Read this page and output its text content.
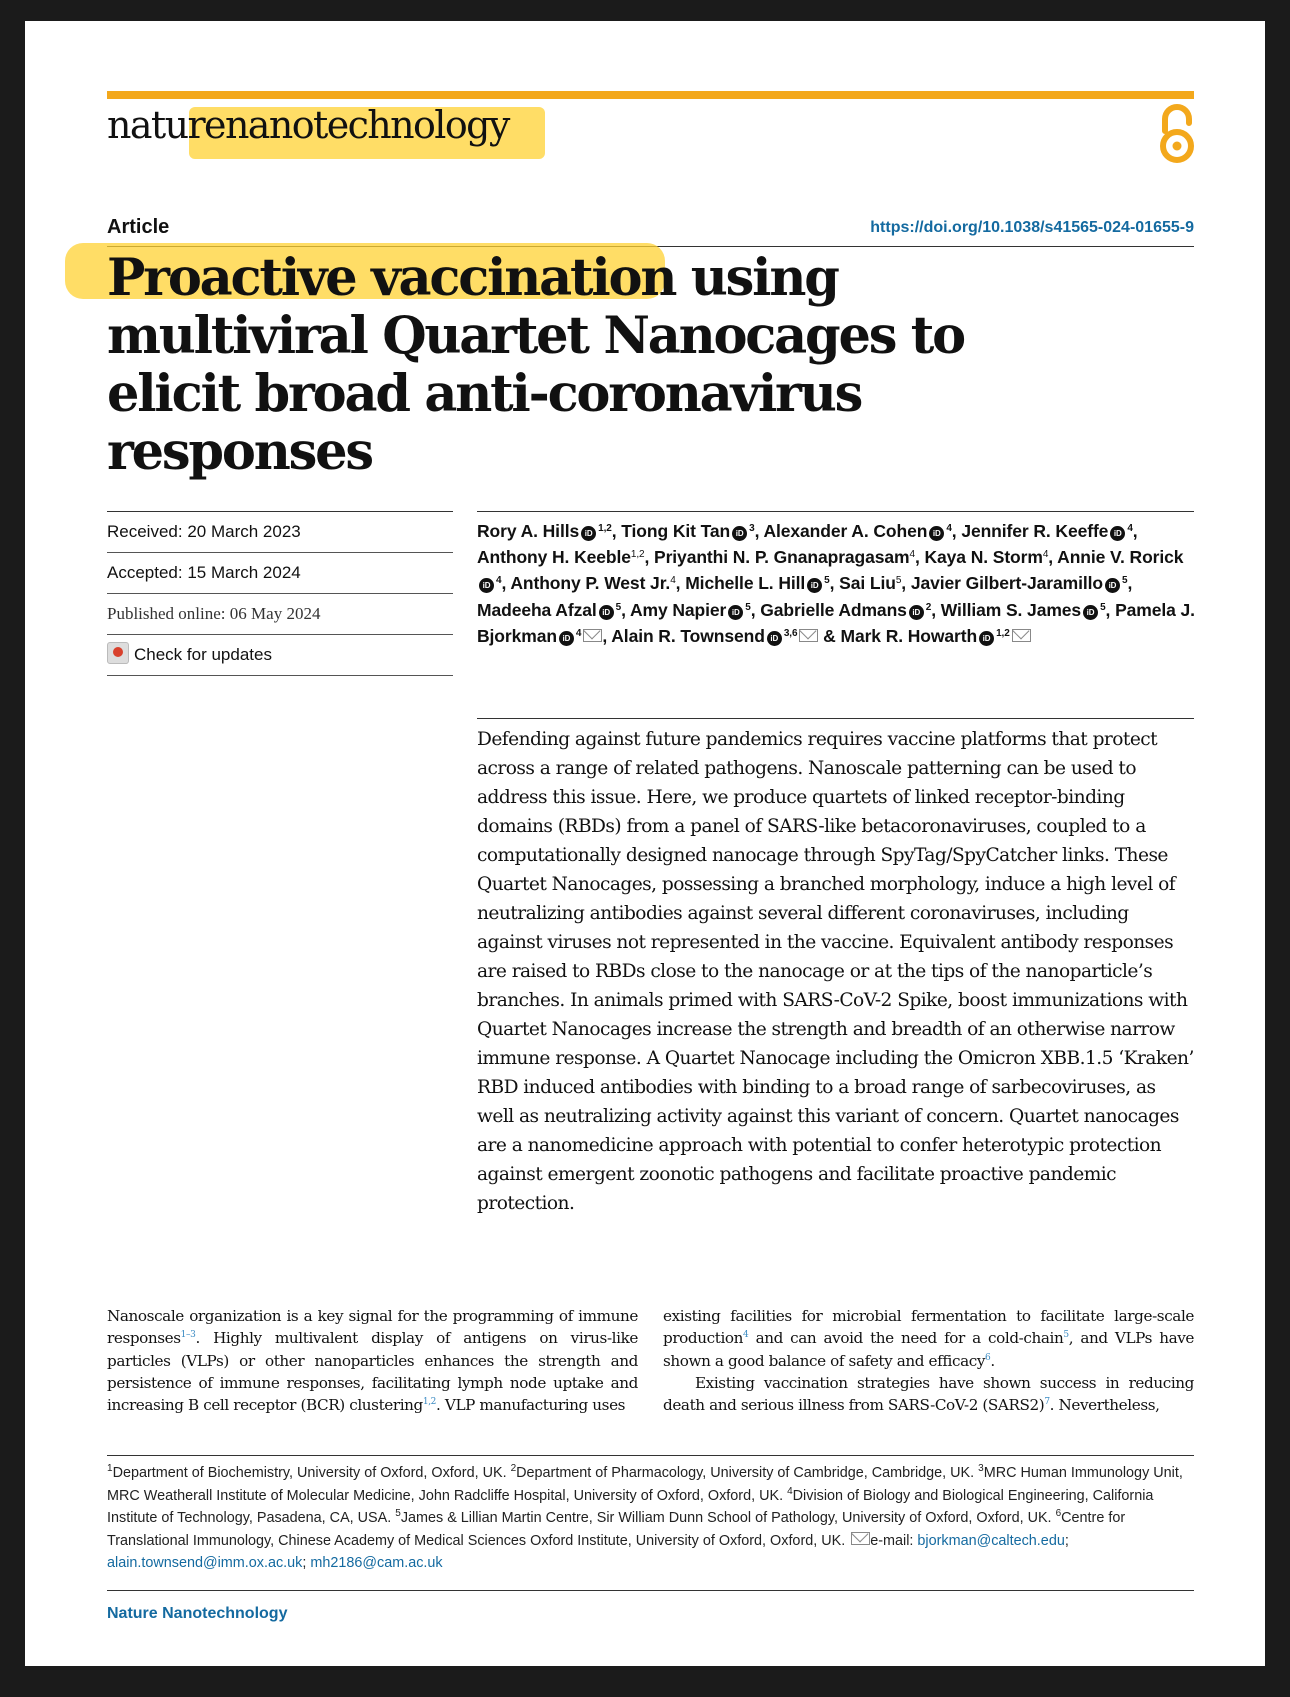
naturenanotechnology
Article	https://doi.org/10.1038/s41565-024-01655-9
Proactive vaccination using multiviral Quartet Nanocages to elicit broad anti-coronavirus responses
Received: 20 March 2023
Accepted: 15 March 2024
Published online: 06 May 2024
Check for updates
Rory A. Hills iD $^{1,2}$, Tiong Kit Tan iD $^3$, Alexander A. Cohen iD $^4$, Jennifer R. Keeffe iD $^4$, Anthony H. Keeble$^{1,2}$, Priyanthi N. P. Gnanapragasam$^4$, Kaya N. Storm$^4$, Annie V. RorickiD $^4$, Anthony P. West Jr.$^4$, Michelle L. Hill iD $^5$, Sai Liu$^5$, Javier Gilbert-Jaramillo iD $^5$, Madeeha Afzal iD $^5$, Amy Napier iD $^5$, Gabrielle Admans iD $^2$, William S. James iD $^5$, Pamela J. Bjorkman iD $^4$ , Alain R. Townsend iD $^{3,6}$ & Mark R. Howarth iD $^{1,2}$
Defending against future pandemics requires vaccine platforms that protect across a range of related pathogens. Nanoscale patterning can be used to address this issue. Here, we produce quartets of linked receptor-binding domains (RBDs) from a panel of SARS-like betacoronaviruses, coupled to a computationally designed nanocage through SpyTag/SpyCatcher links. These Quartet Nanocages, possessing a branched morphology, induce a high level of neutralizing antibodies against several different coronaviruses, including against viruses not represented in the vaccine. Equivalent antibody responses are raised to RBDs close to the nanocage or at the tips of the nanoparticle’s branches. In animals primed with SARS-CoV-2 Spike, boost immunizations with Quartet Nanocages increase the strength and breadth of an otherwise narrow immune response. A Quartet Nanocage including the Omicron XBB.1.5 ‘Kraken’ RBD induced antibodies with binding to a broad range of sarbecoviruses, as well as neutralizing activity against this variant of concern. Quartet nanocages are a nanomedicine approach with potential to confer heterotypic protection against emergent zoonotic pathogens and facilitate proactive pandemic protection.
Nanoscale organization is a key signal for the programming of immune responses$^{1-3}$. Highly multivalent display of antigens on virus-like particles (VLPs) or other nanoparticles enhances the strength and persistence of immune responses, facilitating lymph node uptake and increasing B cell receptor (BCR) clustering$^{1,2}$. VLP manufacturing uses
existing facilities for microbial fermentation to facilitate large-scale production$^4$ and can avoid the need for a cold-chain$^5$, and VLPs have shown a good balance of safety and efficacy$^6$.
Existing vaccination strategies have shown success in reducing death and serious illness from SARS-CoV-2 (SARS2)$^7$. Nevertheless,
$^1$Department of Biochemistry, University of Oxford, Oxford, UK. $^2$Department of Pharmacology, University of Cambridge, Cambridge, UK. $^3$MRC Human Immunology Unit, MRC Weatherall Institute of Molecular Medicine, John Radcliffe Hospital, University of Oxford, Oxford, UK. $^4$Division of Biology and Biological Engineering, California Institute of Technology, Pasadena, CA, USA. $^5$James & Lillian Martin Centre, Sir William Dunn School of Pathology, University of Oxford, Oxford, UK. $^6$Centre for Translational Immunology, Chinese Academy of Medical Sciences Oxford Institute, University of Oxford, Oxford, UK. e-mail: bjorkman@caltech.edu; alain.townsend@imm.ox.ac.uk; mh2186@cam.ac.uk
Nature Nanotechnology
